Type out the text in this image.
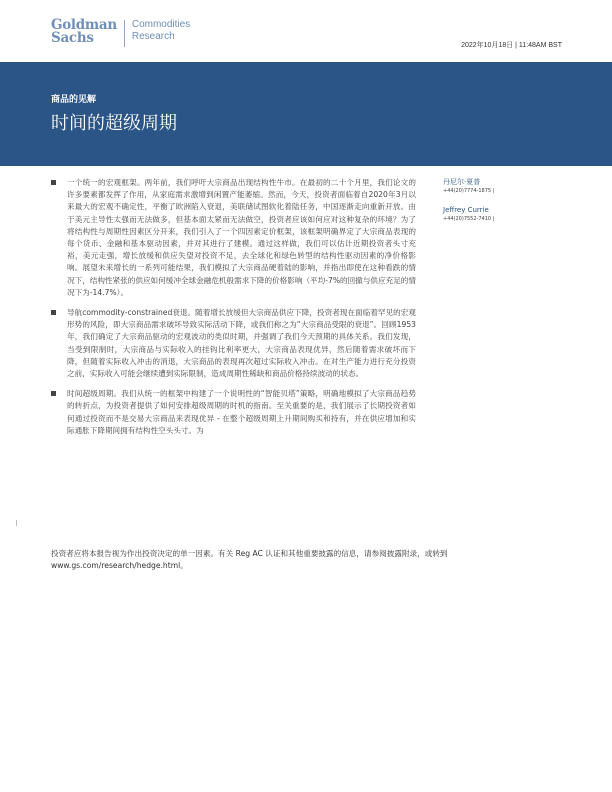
Goldman
Sachs
Commodities
Research
2022年10月18日 | 11:48AM BST
商品的见解
时间的超级周期
一个统一的宏观框架。两年前，我们呼吁大宗商品出现结构性牛市。在最初的二十个月里，我们论文的许多要素都发挥了作用，从家庭需求激增到闲置产能萎缩。然而，今天，投资者面临着自2020年3月以来最大的宏观不确定性，平衡了欧洲陷入衰退，美联储试图软化着陆任务，中国逐渐走向重新开放。由于美元主导性太强而无法做多，但基本面太紧而无法做空，投资者应该如何应对这种复杂的环境？为了将结构性与周期性因素区分开来，我们引入了一个四因素定价框架，该框架明确界定了大宗商品表现的每个货币、金融和基本驱动因素，并对其进行了建模。通过这样做，我们可以估计近期投资者头寸充裕，美元走强，增长放缓和供应失望对投资不足，去全球化和绿色转型的结构性驱动因素的净价格影响。展望未来增长的一系列可能结果，我们模拟了大宗商品硬着陆的影响，并指出即使在这种看跌的情况下，结构性紧张的供应如何缓冲全球金融危机般需求下降的价格影响（平均-7%的回撤与供应充足的情况下为-14.7%）。
导航commodity-constrained衰退。随着增长放缓但大宗商品供应下降，投资者现在面临着罕见的宏观形势的风险，即大宗商品需求破坏导致实际活动下降，或我们称之为“大宗商品受限的衰退”。回顾1953年，我们确定了大宗商品驱动的宏观波动的类似时期，并强调了我们今天预期的具体关系。我们发现，当受到限制时，大宗商品与实际收入的挂钩比利率更大，大宗商品表现优异，然后随着需求破坏而下降，但随着实际收入冲击的消退，大宗商品的表现再次超过实际收入冲击。在对生产能力进行充分投资之前，实际收入可能会继续遭到实际限制，造成周期性稀缺和商品价格持续波动的状态。
时间超级周期。我们从统一的框架中构建了一个说明性的“智能贝塔”策略，明确地模拟了大宗商品趋势的转折点，为投资者提供了如何安排超级周期的时机的指南。至关重要的是，我们展示了长期投资者如何通过投资而不是交易大宗商品来表现优异 - 在整个超级周期上升期间购买和持有，并在供应增加和实际通胀下降期间拥有结构性空头头寸。为
丹尼尔·夏普
+44(20)7774-1875 |
Jeffrey Currie
+44(20)7552-7410 |
投资者应将本报告视为作出投资决定的单一因素。有关 Reg AC 认证和其他重要披露的信息，请参阅披露附录，或转到 www.gs.com/research/hedge.html。
